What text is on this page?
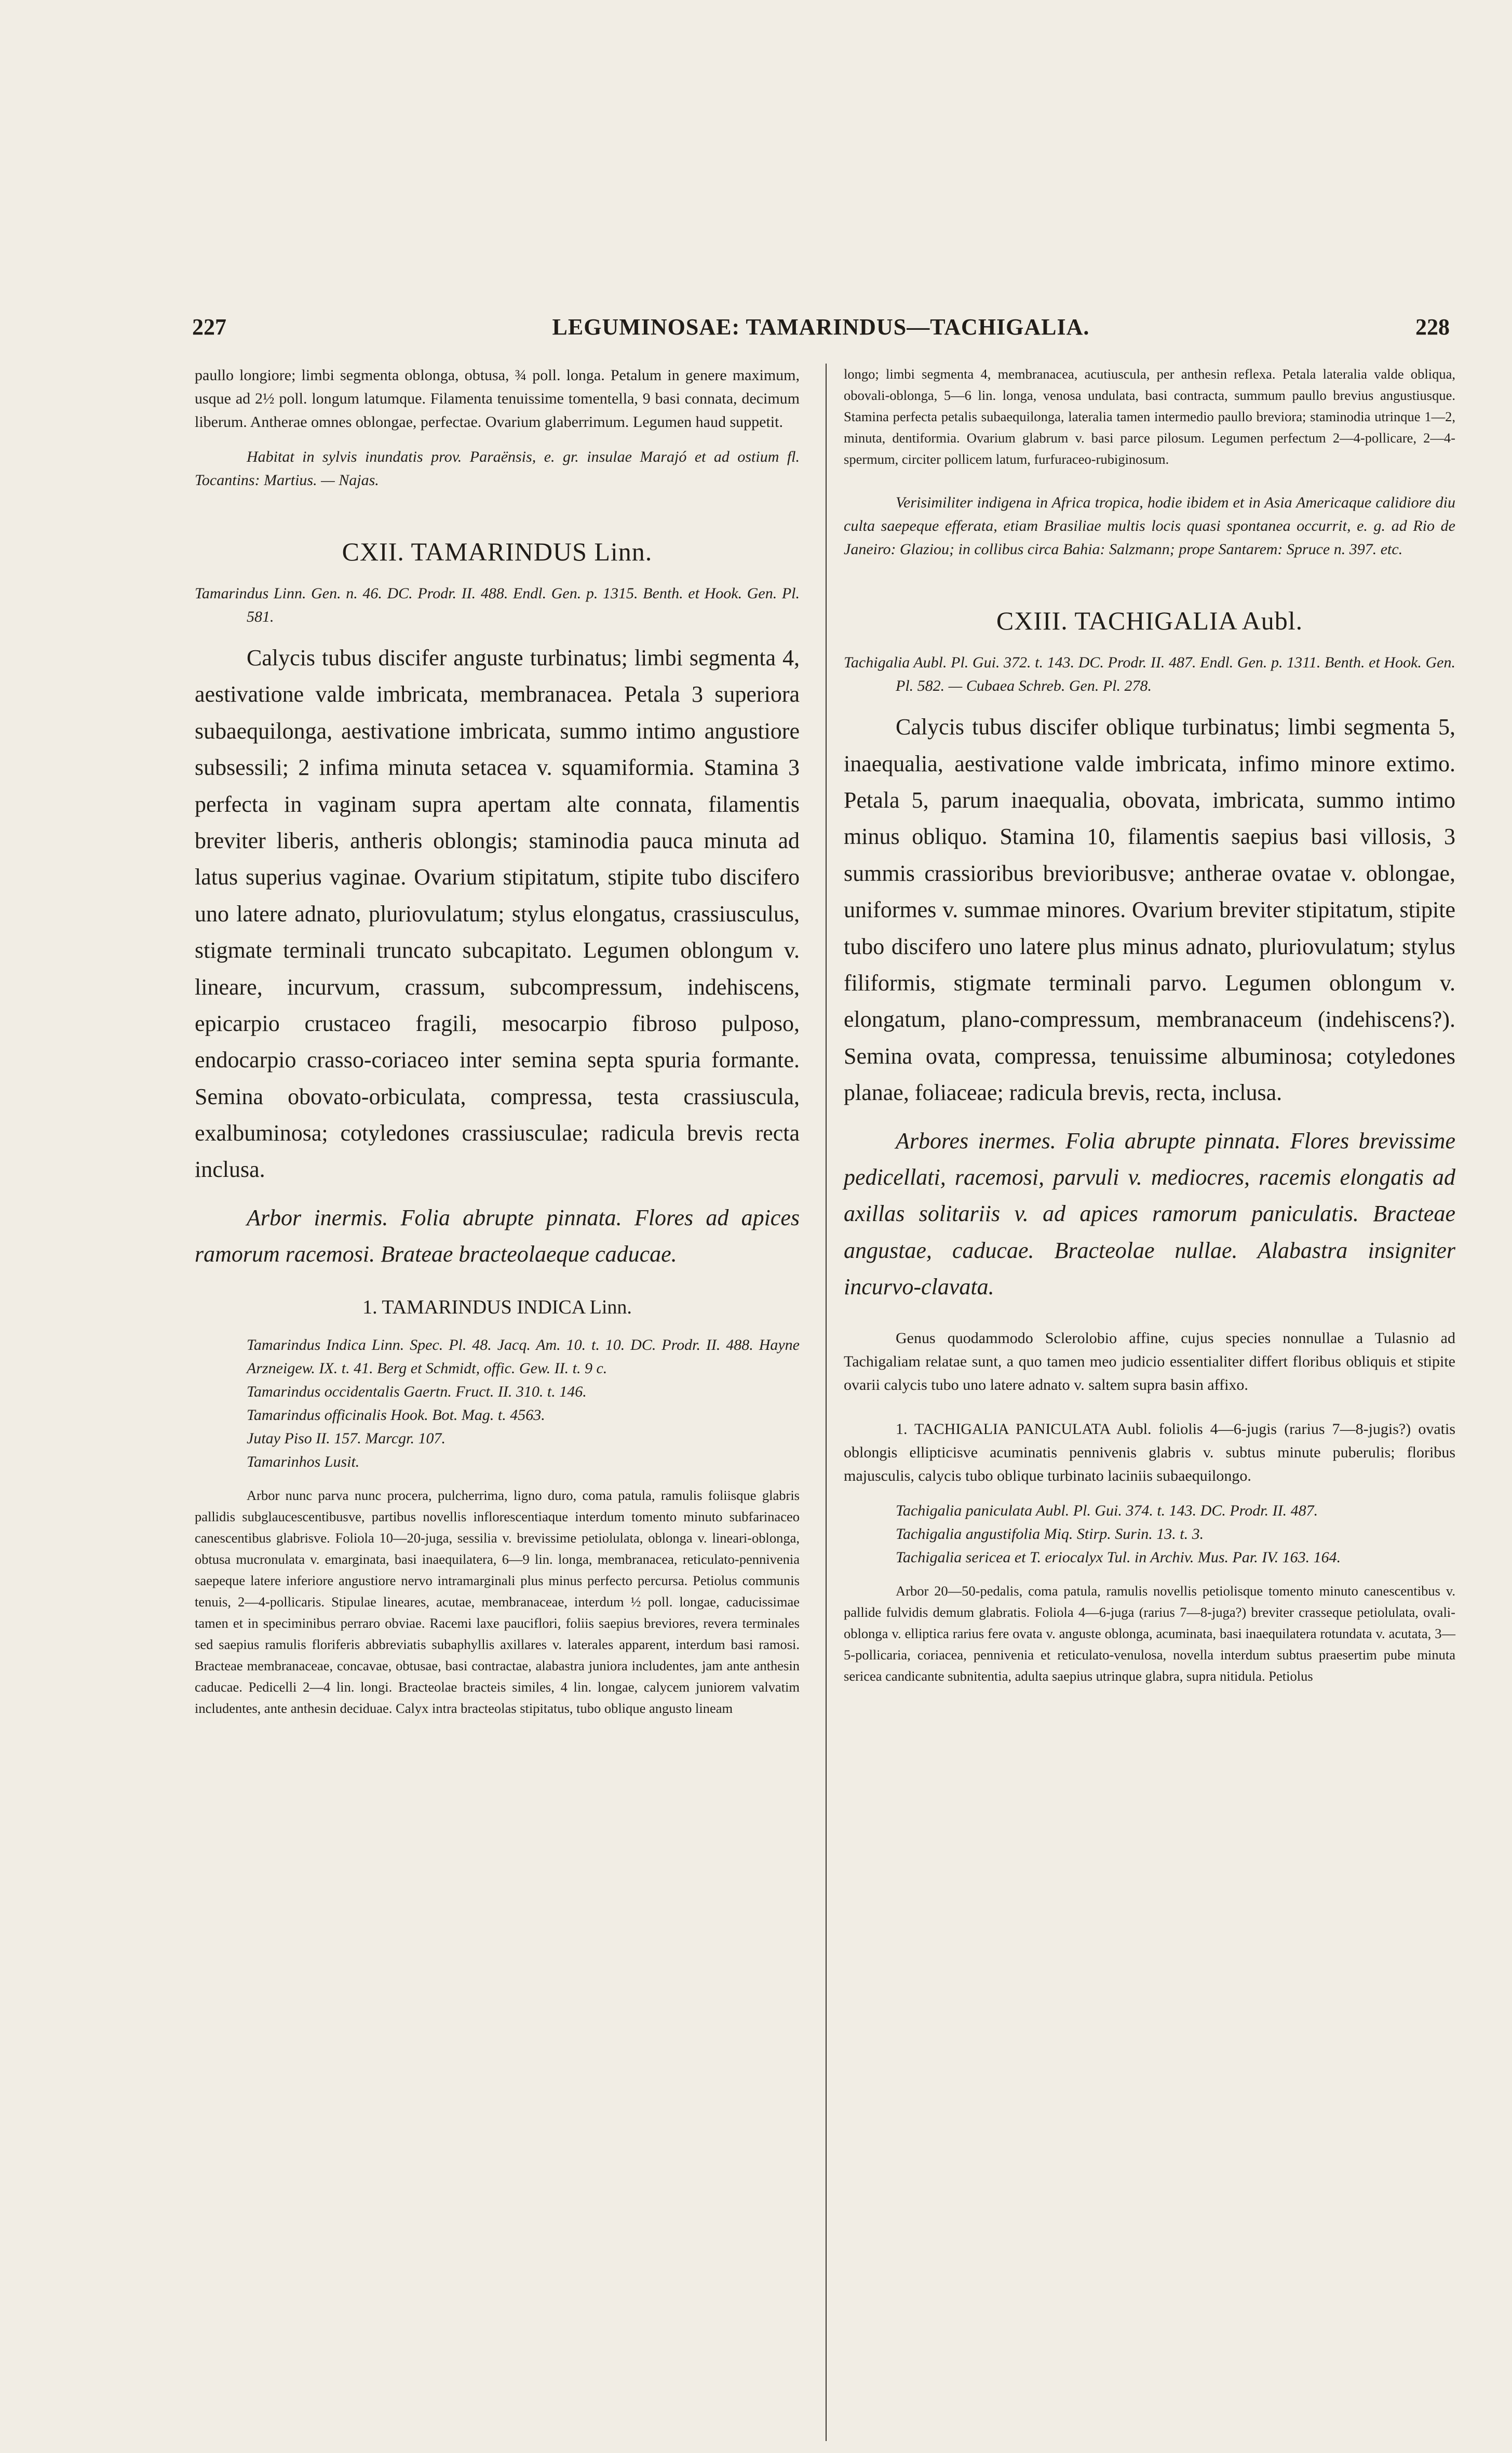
227	LEGUMINOSAE: TAMARINDUS—TACHIGALIA.	228

paullo longiore; limbi segmenta oblonga, obtusa, ¾ poll. longa. Petalum in genere maximum, usque ad 2½ poll. longum latumque. Filamenta tenuissime tomentella, 9 basi connata, decimum liberum. Antherae omnes oblongae, perfectae. Ovarium glaberrimum. Legumen haud suppetit.

Habitat in sylvis inundatis prov. Paraënsis, e. gr. insulae Marajó et ad ostium fl. Tocantins: Martius. — Najas.

CXII. TAMARINDUS Linn.

Tamarindus Linn. Gen. n. 46. DC. Prodr. II. 488. Endl. Gen. p. 1315. Benth. et Hook. Gen. Pl. 581.

Calycis tubus discifer anguste turbinatus; limbi segmenta 4, aestivatione valde imbricata, membranacea. Petala 3 superiora subaequilonga, aestivatione imbricata, summo intimo angustiore subsessili; 2 infima minuta setacea v. squamiformia. Stamina 3 perfecta in vaginam supra apertam alte connata, filamentis breviter liberis, antheris oblongis; staminodia pauca minuta ad latus superius vaginae. Ovarium stipitatum, stipite tubo discifero uno latere adnato, pluriovulatum; stylus elongatus, crassiusculus, stigmate terminali truncato subcapitato. Legumen oblongum v. lineare, incurvum, crassum, subcompressum, indehiscens, epicarpio crustaceo fragili, mesocarpio fibroso pulposo, endocarpio crasso-coriaceo inter semina septa spuria formante. Semina obovato-orbiculata, compressa, testa crassiuscula, exalbuminosa; cotyledones crassiusculae; radicula brevis recta inclusa.

Arbor inermis. Folia abrupte pinnata. Flores ad apices ramorum racemosi. Brateae bracteolaeque caducae.

1. TAMARINDUS INDICA Linn.

Tamarindus Indica Linn. Spec. Pl. 48. Jacq. Am. 10. t. 10. DC. Prodr. II. 488. Hayne Arzneigew. IX. t. 41. Berg et Schmidt, offic. Gew. II. t. 9 c.

Tamarindus occidentalis Gaertn. Fruct. II. 310. t. 146.

Tamarindus officinalis Hook. Bot. Mag. t. 4563.

Jutay Piso II. 157. Marcgr. 107.

Tamarinhos Lusit.

Arbor nunc parva nunc procera, pulcherrima, ligno duro, coma patula, ramulis foliisque glabris pallidis subglaucescentibusve, partibus novellis inflorescentiaque interdum tomento minuto subfarinaceo canescentibus glabrisve. Foliola 10—20-juga, sessilia v. brevissime petiolulata, oblonga v. lineari-oblonga, obtusa mucronulata v. emarginata, basi inaequilatera, 6—9 lin. longa, membranacea, reticulato-pennivenia saepeque latere inferiore angustiore nervo intramarginali plus minus perfecto percursa. Petiolus communis tenuis, 2—4-pollicaris. Stipulae lineares, acutae, membranaceae, interdum ½ poll. longae, caducissimae tamen et in speciminibus perraro obviae. Racemi laxe pauciflori, foliis saepius breviores, revera terminales sed saepius ramulis floriferis abbreviatis subaphyllis axillares v. laterales apparent, interdum basi ramosi. Bracteae membranaceae, concavae, obtusae, basi contractae, alabastra juniora includentes, jam ante anthesin caducae. Pedicelli 2—4 lin. longi. Bracteolae bracteis similes, 4 lin. longae, calycem juniorem valvatim includentes, ante anthesin deciduae. Calyx intra bracteolas stipitatus, tubo oblique angusto lineam

longo; limbi segmenta 4, membranacea, acutiuscula, per anthesin reflexa. Petala lateralia valde obliqua, obovali-oblonga, 5—6 lin. longa, venosa undulata, basi contracta, summum paullo brevius angustiusque. Stamina perfecta petalis subaequilonga, lateralia tamen intermedio paullo breviora; staminodia utrinque 1—2, minuta, dentiformia. Ovarium glabrum v. basi parce pilosum. Legumen perfectum 2—4-pollicare, 2—4-spermum, circiter pollicem latum, furfuraceo-rubiginosum.

Verisimiliter indigena in Africa tropica, hodie ibidem et in Asia Americaque calidiore diu culta saepeque efferata, etiam Brasiliae multis locis quasi spontanea occurrit, e. g. ad Rio de Janeiro: Glaziou; in collibus circa Bahia: Salzmann; prope Santarem: Spruce n. 397. etc.

CXIII. TACHIGALIA Aubl.

Tachigalia Aubl. Pl. Gui. 372. t. 143. DC. Prodr. II. 487. Endl. Gen. p. 1311. Benth. et Hook. Gen. Pl. 582. — Cubaea Schreb. Gen. Pl. 278.

Calycis tubus discifer oblique turbinatus; limbi segmenta 5, inaequalia, aestivatione valde imbricata, infimo minore extimo. Petala 5, parum inaequalia, obovata, imbricata, summo intimo minus obliquo. Stamina 10, filamentis saepius basi villosis, 3 summis crassioribus brevioribusve; antherae ovatae v. oblongae, uniformes v. summae minores. Ovarium breviter stipitatum, stipite tubo discifero uno latere plus minus adnato, pluriovulatum; stylus filiformis, stigmate terminali parvo. Legumen oblongum v. elongatum, plano-compressum, membranaceum (indehiscens?). Semina ovata, compressa, tenuissime albuminosa; cotyledones planae, foliaceae; radicula brevis, recta, inclusa.

Arbores inermes. Folia abrupte pinnata. Flores brevissime pedicellati, racemosi, parvuli v. mediocres, racemis elongatis ad axillas solitariis v. ad apices ramorum paniculatis. Bracteae angustae, caducae. Bracteolae nullae. Alabastra insigniter incurvo-clavata.

Genus quodammodo Sclerolobio affine, cujus species nonnullae a Tulasnio ad Tachigaliam relatae sunt, a quo tamen meo judicio essentialiter differt floribus obliquis et stipite ovarii calycis tubo uno latere adnato v. saltem supra basin affixo.

1. TACHIGALIA PANICULATA Aubl. foliolis 4—6-jugis (rarius 7—8-jugis?) ovatis oblongis ellipticisve acuminatis pennivenis glabris v. subtus minute puberulis; floribus majusculis, calycis tubo oblique turbinato laciniis subaequilongo.

Tachigalia paniculata Aubl. Pl. Gui. 374. t. 143. DC. Prodr. II. 487.

Tachigalia angustifolia Miq. Stirp. Surin. 13. t. 3.

Tachigalia sericea et T. eriocalyx Tul. in Archiv. Mus. Par. IV. 163. 164.

Arbor 20—50-pedalis, coma patula, ramulis novellis petiolisque tomento minuto canescentibus v. pallide fulvidis demum glabratis. Foliola 4—6-juga (rarius 7—8-juga?) breviter crasseque petiolulata, ovali-oblonga v. elliptica rarius fere ovata v. anguste oblonga, acuminata, basi inaequilatera rotundata v. acutata, 3—5-pollicaria, coriacea, pennivenia et reticulato-venulosa, novella interdum subtus praesertim pube minuta sericea candicante subnitentia, adulta saepius utrinque glabra, supra nitidula. Petiolus
